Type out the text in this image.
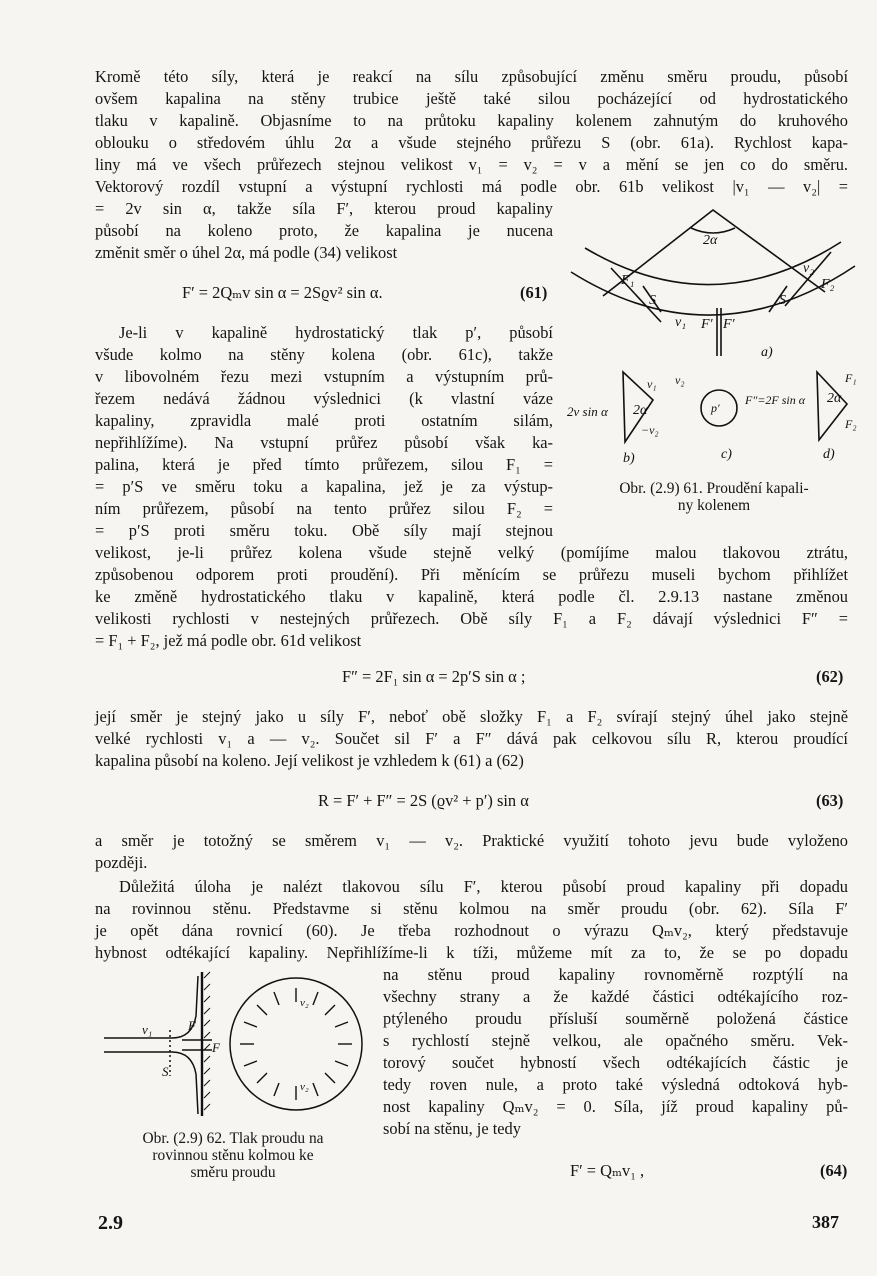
Kromě této síly, která je reakcí na sílu způsobující změnu směru proudu, působí
ovšem kapalina na stěny trubice ještě také silou pocházející od hydrostatického
tlaku v kapalině. Objasníme to na průtoku kapaliny kolenem zahnutým do kruhového
oblouku o středovém úhlu 2α a všude stejného průřezu S (obr. 61a). Rychlost kapa-
liny má ve všech průřezech stejnou velikost v₁ = v₂ = v a mění se jen co do směru.
Vektorový rozdíl vstupní a výstupní rychlosti má podle obr. 61b velikost |v₁ — v₂| =
= 2v sin α, takže síla F′, kterou proud kapaliny
působí na koleno proto, že kapalina je nucena
změnit směr o úhel 2α, má podle (34) velikost
F′ = 2Qₘv sin α = 2Sϱv² sin α.	(61)
Je-li v kapalině hydrostatický tlak p′, působí
všude kolmo na stěny kolena (obr. 61c), takže
v libovolném řezu mezi vstupním a výstupním prů-
řezem nedává žádnou výslednici (k vlastní váze
kapaliny, zpravidla malé proti ostatním silám,
nepřihlížíme). Na vstupní průřez působí však ka-
palina, která je před tímto průřezem, silou F₁ =
= p′S ve směru toku a kapalina, jež je za výstup-
ním průřezem, působí na tento průřez silou F₂ =
= p′S proti směru toku. Obě síly mají stejnou
2α
F₁
S
v₁ F′ F′
S
v₂
F₂
a)
2v sin α 2α
v₁
−v₂
v₂
p′
F″=2F sin α 2α
F₁
F₂
b)	c)	d)
Obr. (2.9) 61. Proudění kapali-
ny kolenem
velikost, je-li průřez kolena všude stejně velký (pomíjíme malou tlakovou ztrátu,
způsobenou odporem proti proudění). Při měnícím se průřezu museli bychom přihlížet
ke změně hydrostatického tlaku v kapalině, která podle čl. 2.9.13 nastane změnou
velikosti rychlosti v nestejných průřezech. Obě síly F₁ a F₂ dávají výslednici F″ =
= F₁ + F₂, jež má podle obr. 61d velikost
F″ = 2F₁ sin α = 2p′S sin α ;	(62)
její směr je stejný jako u síly F′, neboť obě složky F₁ a F₂ svírají stejný úhel jako stejně
velké rychlosti v₁ a — v₂. Součet sil F′ a F″ dává pak celkovou sílu R, kterou proudící
kapalina působí na koleno. Její velikost je vzhledem k (61) a (62)
R = F′ + F″ = 2S (ϱv² + p′) sin α	(63)
a směr je totožný se směrem v₁ — v₂. Praktické využití tohoto jevu bude vyloženo
později.
Důležitá úloha je nalézt tlakovou sílu F′, kterou působí proud kapaliny při dopadu
na rovinnou stěnu. Představme si stěnu kolmou na směr proudu (obr. 62). Síla F′
je opět dána rovnicí (60). Je třeba rozhodnout o výrazu Qₘv₂, který představuje
hybnost odtékající kapaliny. Nepřihlížíme-li k tíži, můžeme mít za to, že se po dopadu
na stěnu proud kapaliny rovnoměrně rozptýlí na
všechny strany a že každé částici odtékajícího roz-
ptýleného proudu přísluší souměrně položená částice
s rychlostí stejně velkou, ale opačného směru. Vek-
torový součet hybností všech odtékajících částic je
tedy roven nule, a proto také výsledná odtoková hyb-
nost kapaliny Qₘv₂ = 0. Síla, jíž proud kapaliny pů-
sobí na stěnu, je tedy
F′ = Qₘv₁ ,	(64)
v₁
S
F
F
v₂
v₂
Obr. (2.9) 62. Tlak proudu na
rovinnou stěnu kolmou ke
směru proudu
2.9	387
